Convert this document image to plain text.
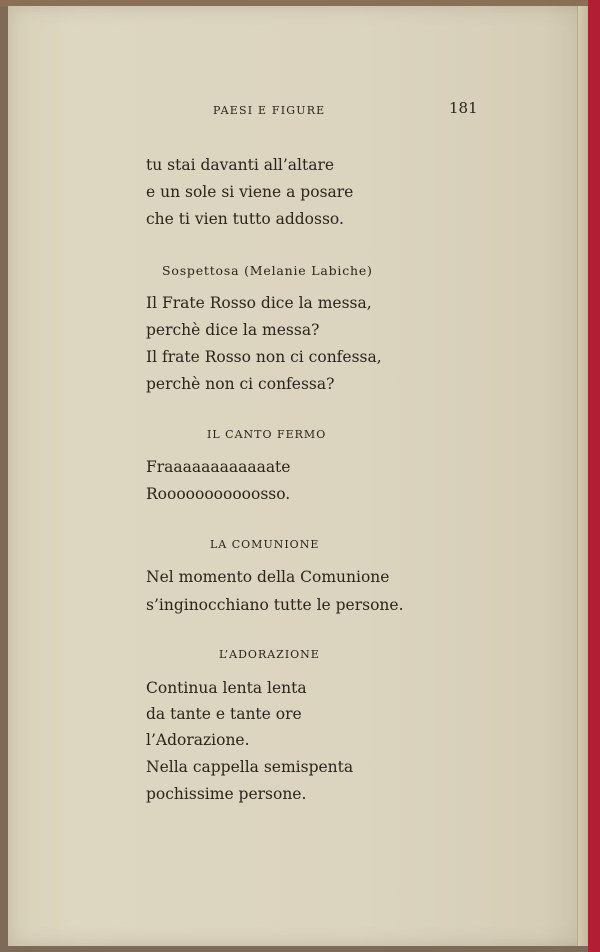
PAESI E FIGURE	181
tu stai davanti all’altare
e un sole si viene a posare
che ti vien tutto addosso.
Sospettosa (Melanie Labiche)
Il Frate Rosso dice la messa,
perchè dice la messa?
Il frate Rosso non ci confessa,
perchè non ci confessa?
IL CANTO FERMO
Fraaaaaaaaaaaate
Rooooooooooosso.
LA COMUNIONE
Nel momento della Comunione
s’inginocchiano tutte le persone.
L’ADORAZIONE
Continua lenta lenta
da tante e tante ore
l’Adorazione.
Nella cappella semispenta
pochissime persone.
